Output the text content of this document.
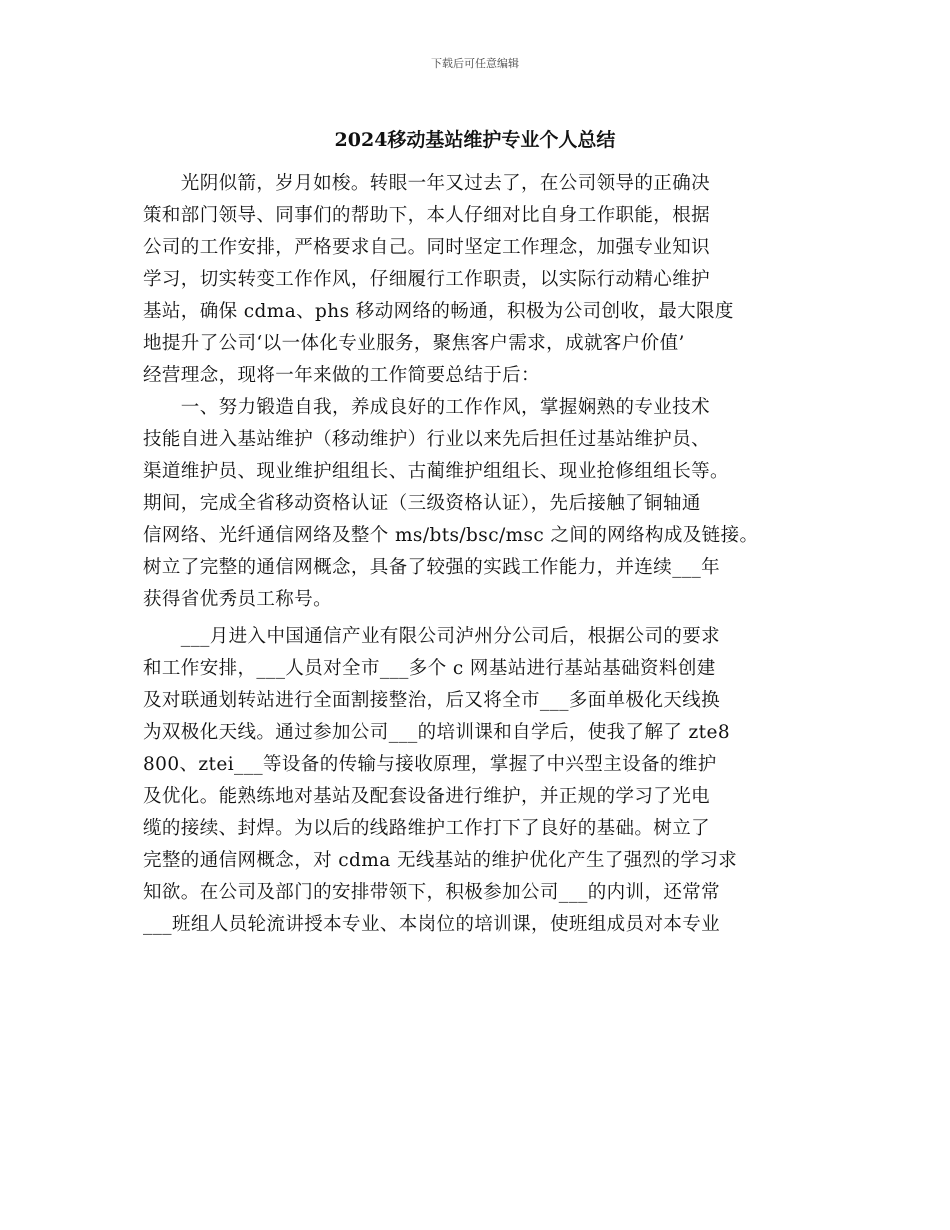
下载后可任意编辑
2024移动基站维护专业个人总结
　　光阴似箭，岁月如梭。转眼一年又过去了，在公司领导的正确决
策和部门领导、同事们的帮助下，本人仔细对比自身工作职能，根据
公司的工作安排，严格要求自己。同时坚定工作理念，加强专业知识
学习，切实转变工作作风，仔细履行工作职责，以实际行动精心维护
基站，确保 cdma、phs 移动网络的畅通，积极为公司创收，最大限度
地提升了公司‘以一体化专业服务，聚焦客户需求，成就客户价值’
经营理念，现将一年来做的工作简要总结于后：
　　一、努力锻造自我，养成良好的工作作风，掌握娴熟的专业技术
技能自进入基站维护（移动维护）行业以来先后担任过基站维护员、
渠道维护员、现业维护组组长、古蔺维护组组长、现业抢修组组长等。
期间，完成全省移动资格认证（三级资格认证），先后接触了铜轴通
信网络、光纤通信网络及整个 ms/bts/bsc/msc 之间的网络构成及链接。
树立了完整的通信网概念，具备了较强的实践工作能力，并连续___年
获得省优秀员工称号。
　　___月进入中国通信产业有限公司泸州分公司后，根据公司的要求
和工作安排，___人员对全市___多个 c 网基站进行基站基础资料创建
及对联通划转站进行全面割接整治，后又将全市___多面单极化天线换
为双极化天线。通过参加公司___的培训课和自学后，使我了解了 zte8
800、ztei___等设备的传输与接收原理，掌握了中兴型主设备的维护
及优化。能熟练地对基站及配套设备进行维护，并正规的学习了光电
缆的接续、封焊。为以后的线路维护工作打下了良好的基础。树立了
完整的通信网概念，对 cdma 无线基站的维护优化产生了强烈的学习求
知欲。在公司及部门的安排带领下，积极参加公司___的内训，还常常
___班组人员轮流讲授本专业、本岗位的培训课，使班组成员对本专业
